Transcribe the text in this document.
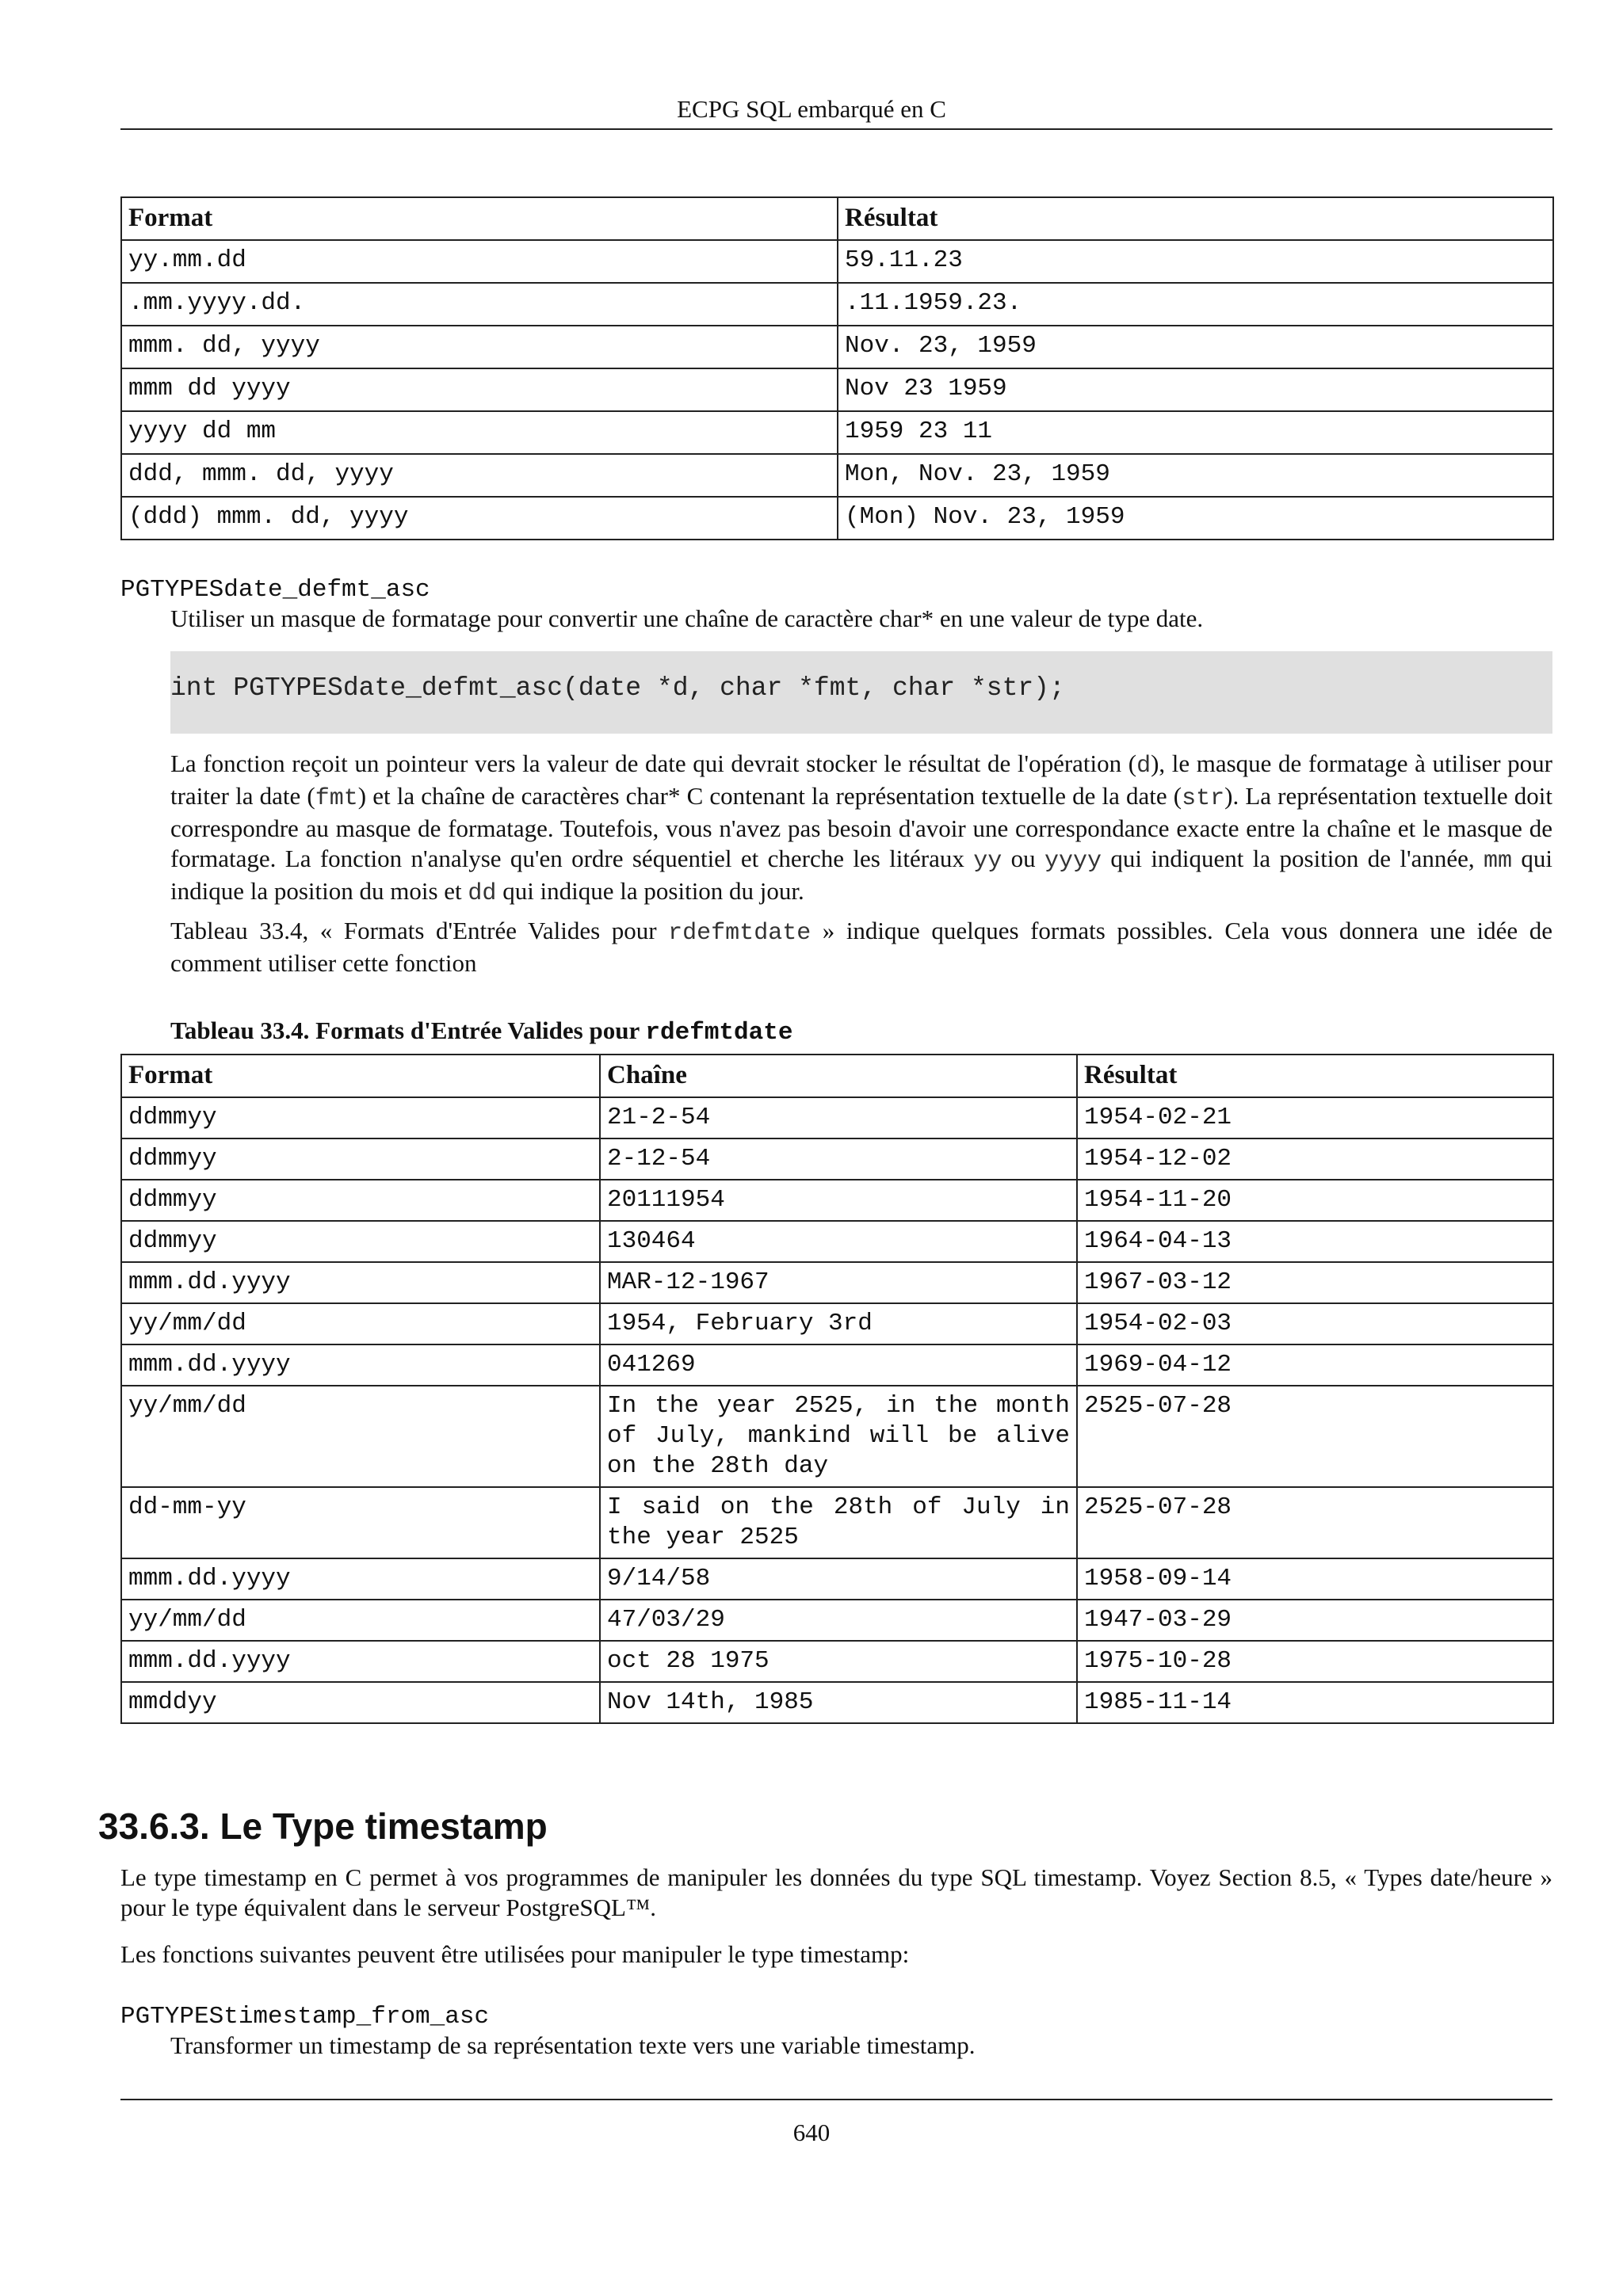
ECPG SQL embarqué en C
Format	Résultat
yy.mm.dd	59.11.23
.mm.yyyy.dd.	.11.1959.23.
mmm. dd, yyyy	Nov. 23, 1959
mmm dd yyyy	Nov 23 1959
yyyy dd mm	1959 23 11
ddd, mmm. dd, yyyy	Mon, Nov. 23, 1959
(ddd) mmm. dd, yyyy	(Mon) Nov. 23, 1959
PGTYPESdate_defmt_asc
Utiliser un masque de formatage pour convertir une chaîne de caractère char* en une valeur de type date.
int PGTYPESdate_defmt_asc(date *d, char *fmt, char *str);
La fonction reçoit un pointeur vers la valeur de date qui devrait stocker le résultat de l'opération (d), le masque de formatage à utiliser pour traiter la date (fmt) et la chaîne de caractères char* C contenant la représentation textuelle de la date (str). La représentation textuelle doit correspondre au masque de formatage. Toutefois, vous n'avez pas besoin d'avoir une correspondance exacte entre la chaîne et le masque de formatage. La fonction n'analyse qu'en ordre séquentiel et cherche les litéraux yy ou yyyy qui indiquent la position de l'année, mm qui indique la position du mois et dd qui indique la position du jour.
Tableau 33.4, « Formats d'Entrée Valides pour rdefmtdate » indique quelques formats possibles. Cela vous donnera une idée de comment utiliser cette fonction
Tableau 33.4. Formats d'Entrée Valides pour rdefmtdate
Format	Chaîne	Résultat
ddmmyy	21-2-54	1954-02-21
ddmmyy	2-12-54	1954-12-02
ddmmyy	20111954	1954-11-20
ddmmyy	130464	1964-04-13
mmm.dd.yyyy	MAR-12-1967	1967-03-12
yy/mm/dd	1954, February 3rd	1954-02-03
mmm.dd.yyyy	041269	1969-04-12
yy/mm/dd	In the year 2525, in the month of July, mankind will be alive on the 28th day	2525-07-28
dd-mm-yy	I said on the 28th of July in the year 2525	2525-07-28
mmm.dd.yyyy	9/14/58	1958-09-14
yy/mm/dd	47/03/29	1947-03-29
mmm.dd.yyyy	oct 28 1975	1975-10-28
mmddyy	Nov 14th, 1985	1985-11-14
33.6.3. Le Type timestamp
Le type timestamp en C permet à vos programmes de manipuler les données du type SQL timestamp. Voyez Section 8.5, « Types date/heure » pour le type équivalent dans le serveur PostgreSQL™.
Les fonctions suivantes peuvent être utilisées pour manipuler le type timestamp:
PGTYPEStimestamp_from_asc
Transformer un timestamp de sa représentation texte vers une variable timestamp.
640
